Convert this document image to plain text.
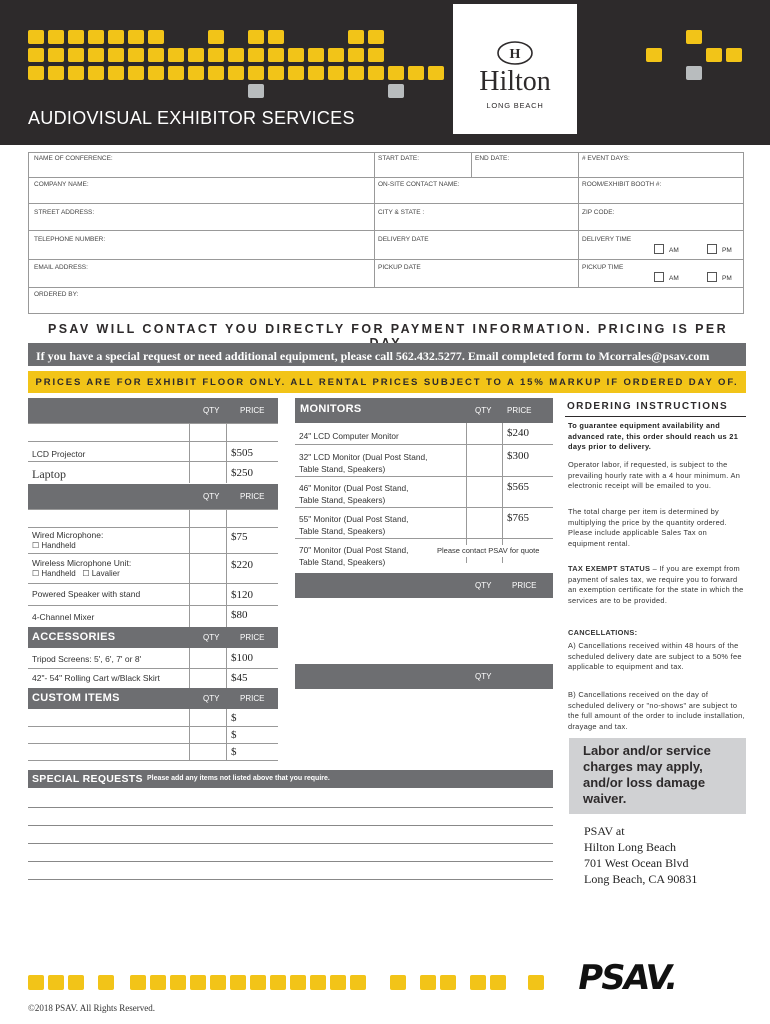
AUDIOVISUAL EXHIBITOR SERVICES
H
Hilton
LONG BEACH
NAME OF CONFERENCE:	START DATE:	END DATE:	# EVENT DAYS:
COMPANY NAME:	ON-SITE CONTACT NAME:	ROOM/EXHIBIT BOOTH #:
STREET ADDRESS:	CITY & STATE :	ZIP CODE:
TELEPHONE NUMBER:	DELIVERY DATE	DELIVERY TIME
AM	PM
EMAIL ADDRESS:	PICKUP DATE	PICKUP TIME
AM	PM
ORDERED BY:
PSAV WILL CONTACT YOU DIRECTLY FOR PAYMENT INFORMATION. PRICING IS PER
If you have a special request or need additional equipment, please call 562.432.5277. Email completed form to Mcorrales@psav.com
PRICES ARE FOR EXHIBIT FLOOR ONLY. ALL RENTAL PRICES SUBJECT TO A 15% MARKUP IF ORDERED DAY OF.
QTY	PRICE
LCD Projector	$505
Laptop	$250
QTY	PRICE
Wired Microphone:
☐ Handheld
$75
Wireless Microphone Unit:
☐ Handheld   ☐ Lavalier
$220
Powered Speaker with stand	$120
4-Channel Mixer	$80
ACCESSORIES	QTY	PRICE
Tripod Screens: 5', 6', 7' or 8'	$100
42"- 54" Rolling Cart w/Black Skirt	$45
CUSTOM ITEMS	QTY	PRICE
$
$
$
MONITORS	QTY PRICE
24" LCD Computer Monitor	$240
32" LCD Monitor (Dual Post Stand,
Table Stand, Speakers)
$300
46" Monitor (Dual Post Stand,
Table Stand, Speakers)
$565
55" Monitor (Dual Post Stand,
Table Stand, Speakers)
$765
70" Monitor (Dual Post Stand,
Table Stand, Speakers)
Please contact PSAV for quote
QTY	PRICE
QTY
SPECIAL REQUESTS Please add any items not listed above that you require.
ORDERING INSTRUCTIONS
To guarantee equipment availability and advanced rate, this order should reach us 21 days prior to delivery.
Operator labor, if requested, is subject to the prevailing hourly rate with a 4 hour minimum. An electronic receipt will be emailed to you.
The total charge per item is determined by multiplying the price by the quantity ordered. Please include applicable Sales Tax on equipment rental.
TAX EXEMPT STATUS – If you are exempt from payment of sales tax, we require you to forward an exemption certificate for the state in which the services are to be provided.
CANCELLATIONS:
A) Cancellations received within 48 hours of the scheduled delivery date are subject to a 50% fee applicable to equipment and tax.
B) Cancellations received on the day of scheduled delivery or "no-shows" are subject to the full amount of the order to include installation, drayage and tax.
Labor and/or service charges may apply, and/or loss damage waiver.
PSAV at
Hilton Long Beach
701 West Ocean Blvd
Long Beach, CA 90831
PSAV.
©2018 PSAV. All Rights Reserved.
